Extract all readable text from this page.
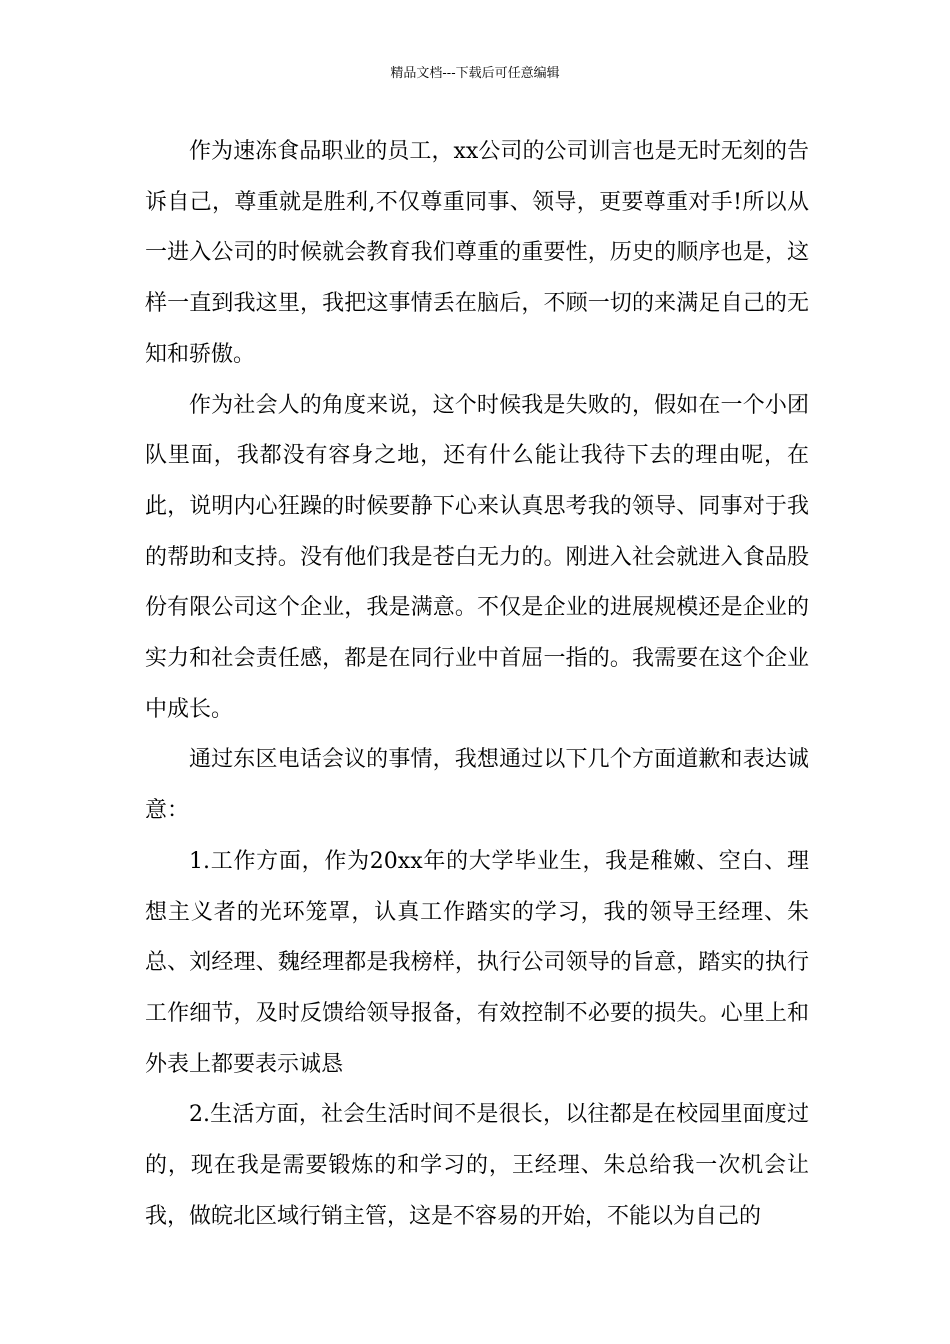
精品文档---下载后可任意编辑

作为速冻食品职业的员工，xx公司的公司训言也是无时无刻的告诉自己，尊重就是胜利,不仅尊重同事、领导，更要尊重对手!所以从一进入公司的时候就会教育我们尊重的重要性，历史的顺序也是，这样一直到我这里，我把这事情丢在脑后，不顾一切的来满足自己的无知和骄傲。

作为社会人的角度来说，这个时候我是失败的，假如在一个小团队里面，我都没有容身之地，还有什么能让我待下去的理由呢，在此，说明内心狂躁的时候要静下心来认真思考我的领导、同事对于我的帮助和支持。没有他们我是苍白无力的。刚进入社会就进入食品股份有限公司这个企业，我是满意。不仅是企业的进展规模还是企业的实力和社会责任感，都是在同行业中首屈一指的。我需要在这个企业中成长。

通过东区电话会议的事情，我想通过以下几个方面道歉和表达诚意：

1.工作方面，作为20xx年的大学毕业生，我是稚嫩、空白、理想主义者的光环笼罩，认真工作踏实的学习，我的领导王经理、朱总、刘经理、魏经理都是我榜样，执行公司领导的旨意，踏实的执行工作细节，及时反馈给领导报备，有效控制不必要的损失。心里上和外表上都要表示诚恳

2.生活方面，社会生活时间不是很长，以往都是在校园里面度过的，现在我是需要锻炼的和学习的，王经理、朱总给我一次机会让我，做皖北区域行销主管，这是不容易的开始，不能以为自己的
